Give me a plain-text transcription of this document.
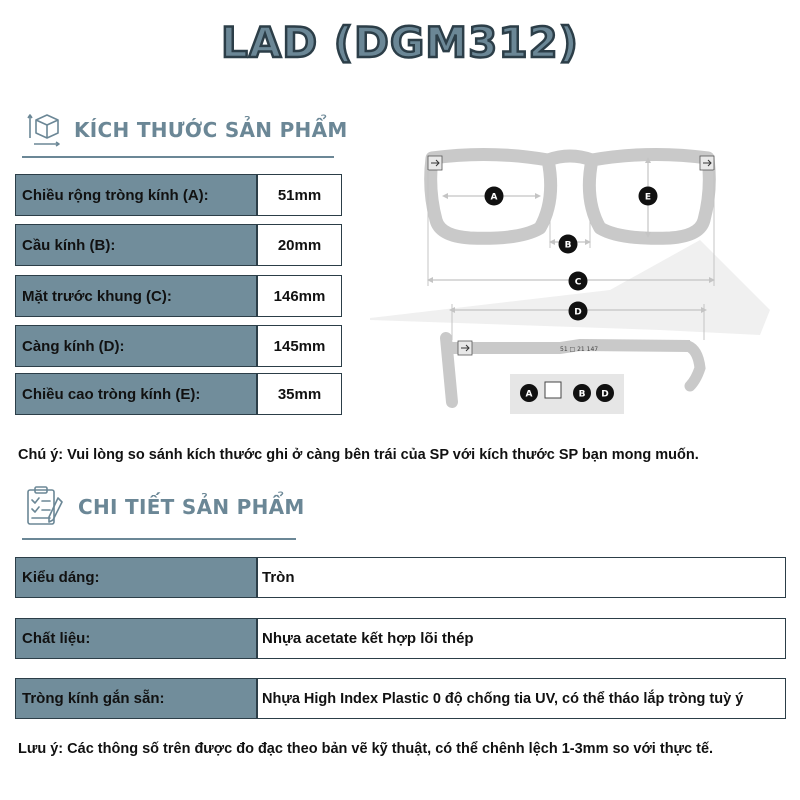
LAD (DGM312)
KÍCH THƯỚC SẢN PHẨM
Chiều rộng tròng kính (A):	51mm
Cầu kính (B):	20mm
Mặt trước khung (C):	146mm
Càng kính (D):	145mm
Chiều cao tròng kính (E):	35mm
51 □ 21 147
A	E
B
C
D
A	B D
Chú ý: Vui lòng so sánh kích thước ghi ở càng bên trái của SP với kích thước SP bạn mong muốn.
CHI TIẾT SẢN PHẨM
Kiểu dáng:	Tròn
Chất liệu:	Nhựa acetate kết hợp lõi thép
Tròng kính gắn sẵn:	Nhựa High Index Plastic 0 độ chống tia UV, có thể tháo lắp tròng tuỳ ý
Lưu ý: Các thông số trên được đo đạc theo bản vẽ kỹ thuật, có thể chênh lệch 1-3mm so với thực tế.
